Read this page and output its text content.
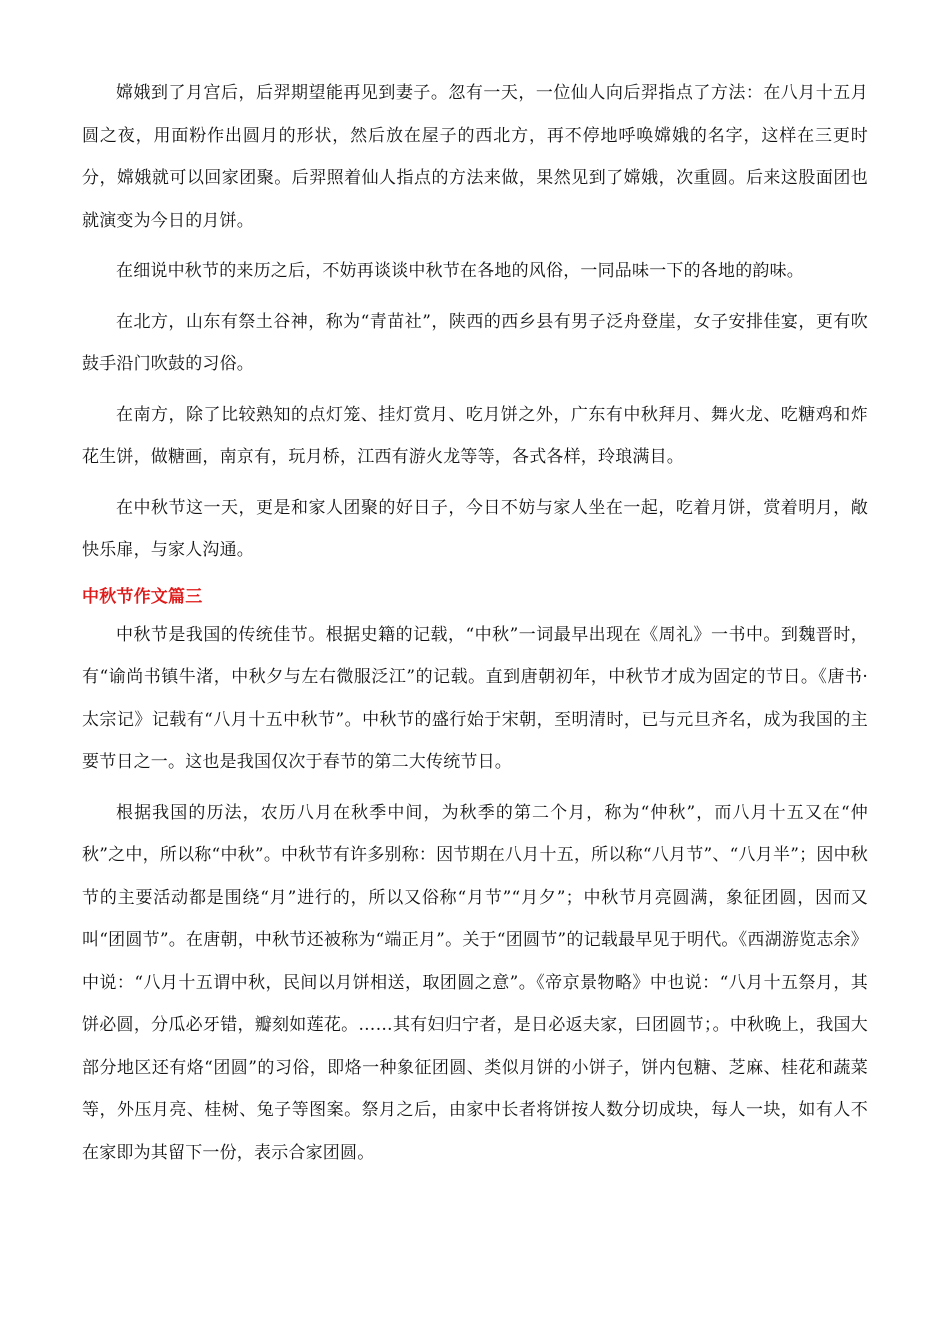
嫦娥到了月宫后，后羿期望能再见到妻子。忽有一天，一位仙人向后羿指点了方法：在八月十五月圆之夜，用面粉作出圆月的形状，然后放在屋子的西北方，再不停地呼唤嫦娥的名字，这样在三更时分，嫦娥就可以回家团聚。后羿照着仙人指点的方法来做，果然见到了嫦娥，次重圆。后来这股面团也就演变为今日的月饼。

在细说中秋节的来历之后，不妨再谈谈中秋节在各地的风俗，一同品味一下的各地的韵味。

在北方，山东有祭土谷神，称为“青苗社”，陕西的西乡县有男子泛舟登崖，女子安排佳宴，更有吹鼓手沿门吹鼓的习俗。

在南方，除了比较熟知的点灯笼、挂灯赏月、吃月饼之外，广东有中秋拜月、舞火龙、吃糖鸡和炸花生饼，做糖画，南京有，玩月桥，江西有游火龙等等，各式各样，玲琅满目。

在中秋节这一天，更是和家人团聚的好日子，今日不妨与家人坐在一起，吃着月饼，赏着明月，敞快乐扉，与家人沟通。

中秋节作文篇三

中秋节是我国的传统佳节。根据史籍的记载，“中秋”一词最早出现在《周礼》一书中。到魏晋时，有“谕尚书镇牛渚，中秋夕与左右微服泛江”的记载。直到唐朝初年，中秋节才成为固定的节日。《唐书·太宗记》记载有“八月十五中秋节”。中秋节的盛行始于宋朝，至明清时，已与元旦齐名，成为我国的主要节日之一。这也是我国仅次于春节的第二大传统节日。

根据我国的历法，农历八月在秋季中间，为秋季的第二个月，称为“仲秋”，而八月十五又在“仲秋”之中，所以称“中秋”。中秋节有许多别称：因节期在八月十五，所以称“八月节”、“八月半”；因中秋节的主要活动都是围绕“月”进行的，所以又俗称“月节”“月夕”；中秋节月亮圆满，象征团圆，因而又叫“团圆节”。在唐朝，中秋节还被称为“端正月”。关于“团圆节”的记载最早见于明代。《西湖游览志余》中说：“八月十五谓中秋，民间以月饼相送，取团圆之意”。《帝京景物略》中也说：“八月十五祭月，其饼必圆，分瓜必牙错，瓣刻如莲花。……其有妇归宁者，是日必返夫家，曰团圆节；。中秋晚上，我国大部分地区还有烙“团圆”的习俗，即烙一种象征团圆、类似月饼的小饼子，饼内包糖、芝麻、桂花和蔬菜等，外压月亮、桂树、兔子等图案。祭月之后，由家中长者将饼按人数分切成块，每人一块，如有人不在家即为其留下一份，表示合家团圆。
